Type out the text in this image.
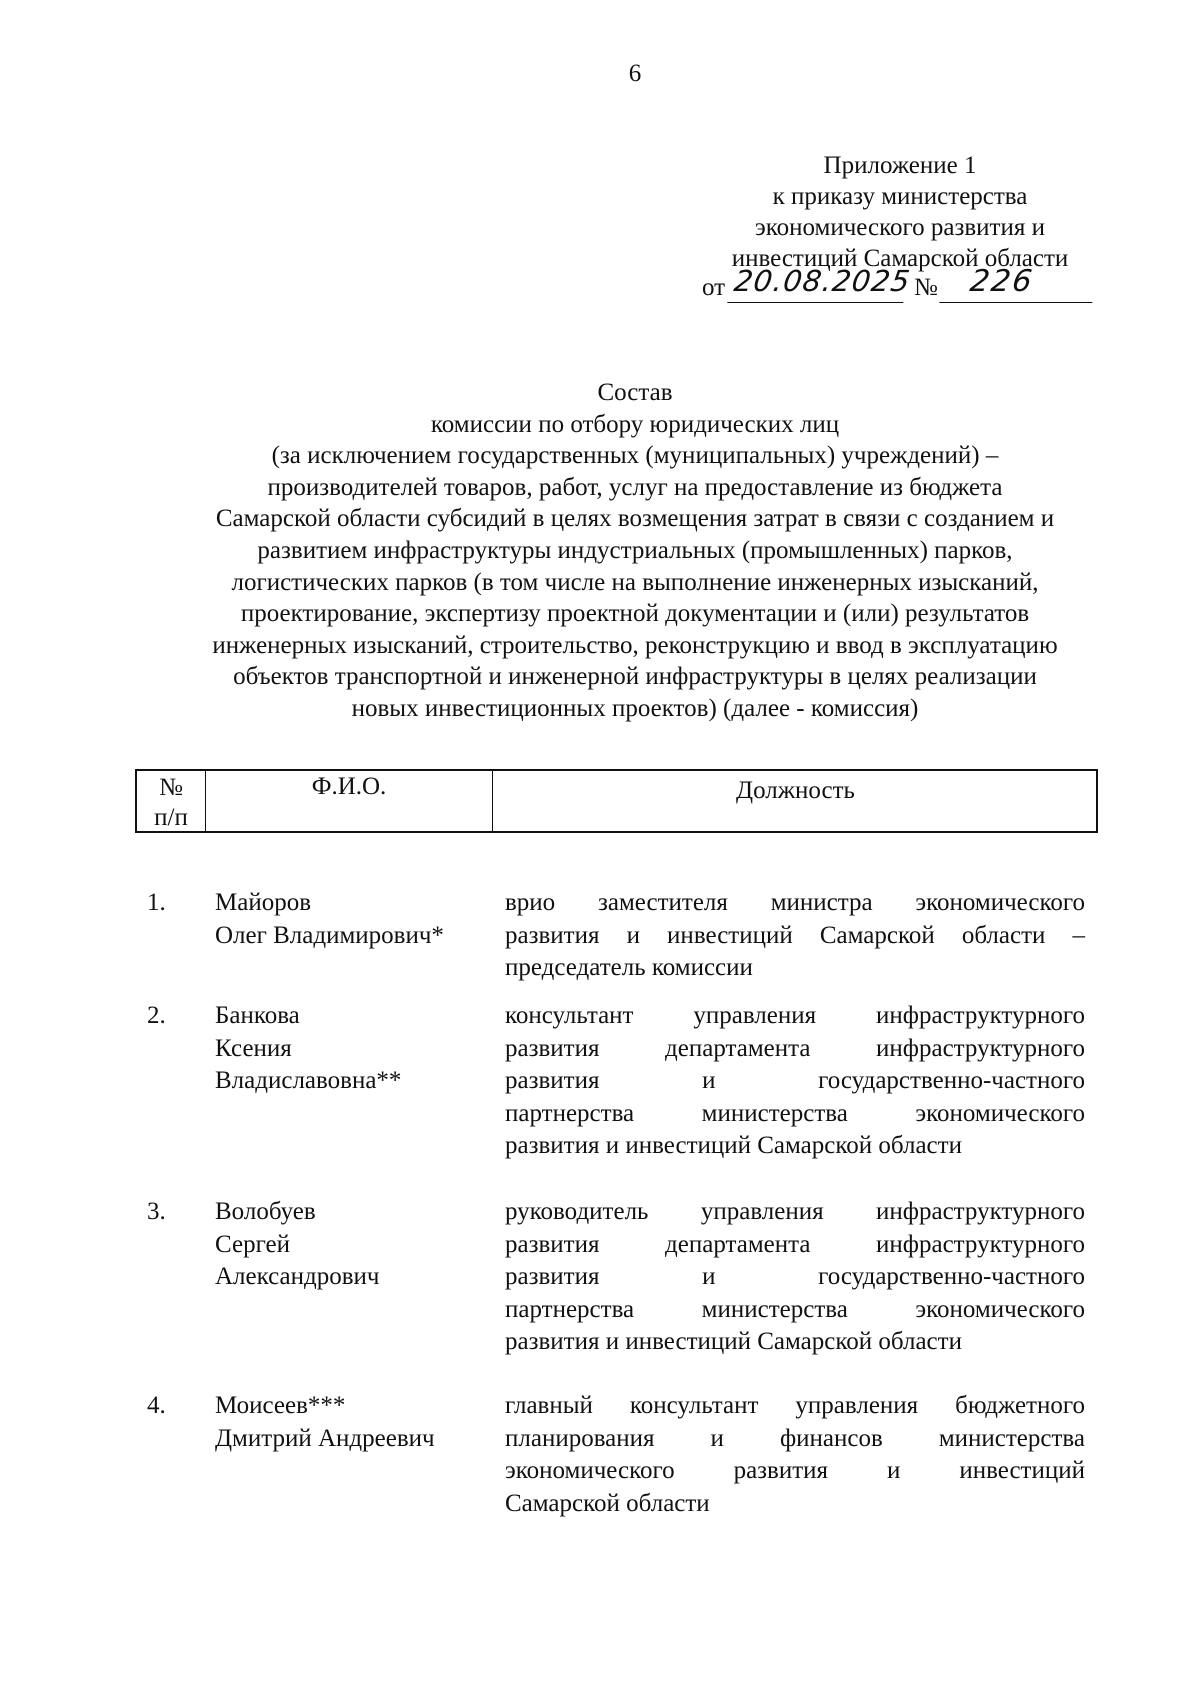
6
Приложение 1
к приказу министерства
экономического развития и
инвестиций Самарской области
от 20.08.2025 № 226
Состав
комиссии по отбору юридических лиц
(за исключением государственных (муниципальных) учреждений) –
производителей товаров, работ, услуг на предоставление из бюджета
Самарской области субсидий в целях возмещения затрат в связи с созданием и
развитием инфраструктуры индустриальных (промышленных) парков,
логистических парков (в том числе на выполнение инженерных изысканий,
проектирование, экспертизу проектной документации и (или) результатов
инженерных изысканий, строительство, реконструкцию и ввод в эксплуатацию
объектов транспортной и инженерной инфраструктуры в целях реализации
новых инвестиционных проектов) (далее - комиссия)
№
п/п
Ф.И.О.	Должность
1. Майоров
Олег Владимирович*
врио заместителя министра экономического
развития и инвестиций Самарской области –
председатель комиссии
2. Банкова
Ксения
Владиславовна**
консультант управления инфраструктурного
развития департамента инфраструктурного
развития и государственно-частного
партнерства министерства экономического
развития и инвестиций Самарской области
3. Волобуев
Сергей
Александрович
руководитель управления инфраструктурного
развития департамента инфраструктурного
развития и государственно-частного
партнерства министерства экономического
развития и инвестиций Самарской области
4. Моисеев***
Дмитрий Андреевич
главный консультант управления бюджетного
планирования и финансов министерства
экономического развития и инвестиций
Самарской области
